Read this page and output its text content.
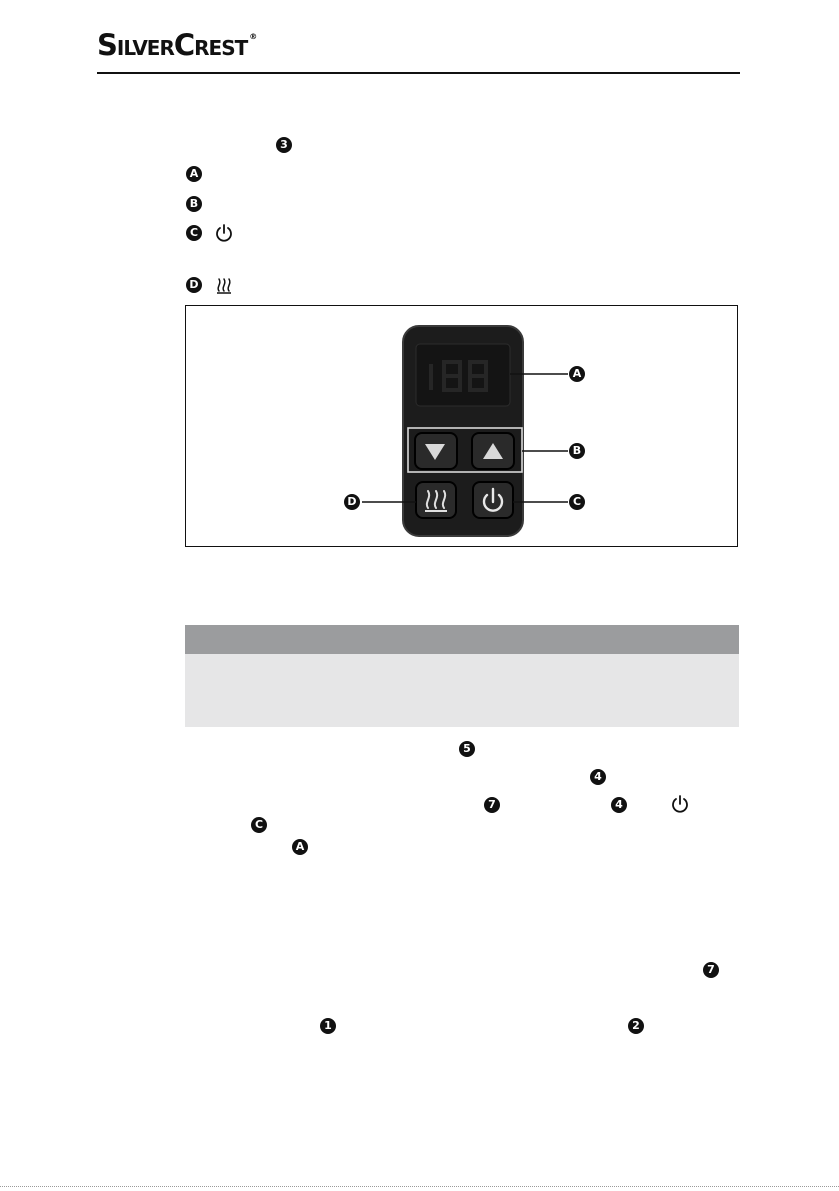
SilverCrest ®
3
A
B
C
D
A
B
C
D
5
4
7	4
C
A
7
1	2
